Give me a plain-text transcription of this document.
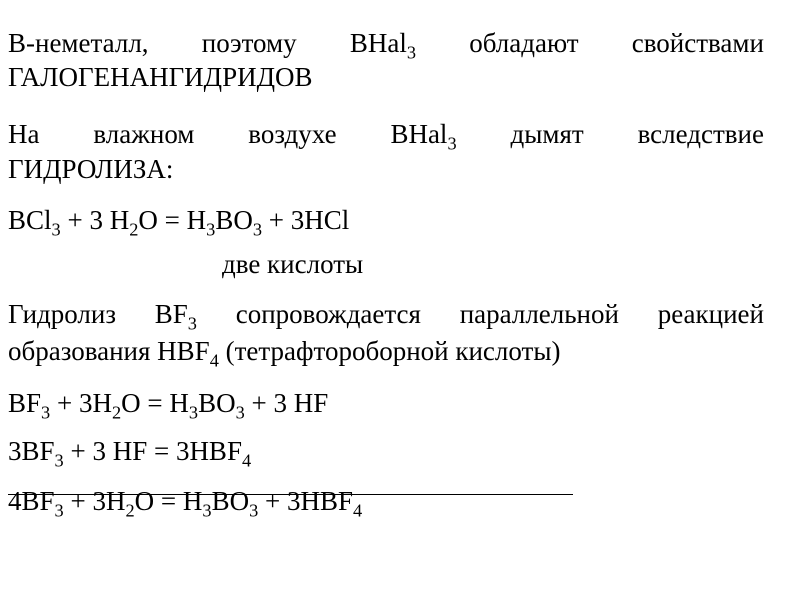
B-неметалл, поэтому BHal$_3$ обладают свойствами
ГАЛОГЕНАНГИДРИДОВ
На влажном воздухе BHal$_3$ дымят вследствие
ГИДРОЛИЗА:
BCl$_3$ + 3 $H_2O = H_3BO_3 + 3HCl$
две кислоты
Гидролиз $BF_3$ сопровождается параллельной реакцией
образования $HBF_4$ (тетрафтороборной кислоты)
$BF_3 + 3H_2O = H_3BO_3 + 3$ HF
$3BF_3 + 3$ HF = $3HBF_4$
$4BF_3 + 3H_2O = H_3BO_3 + 3HBF_4$
